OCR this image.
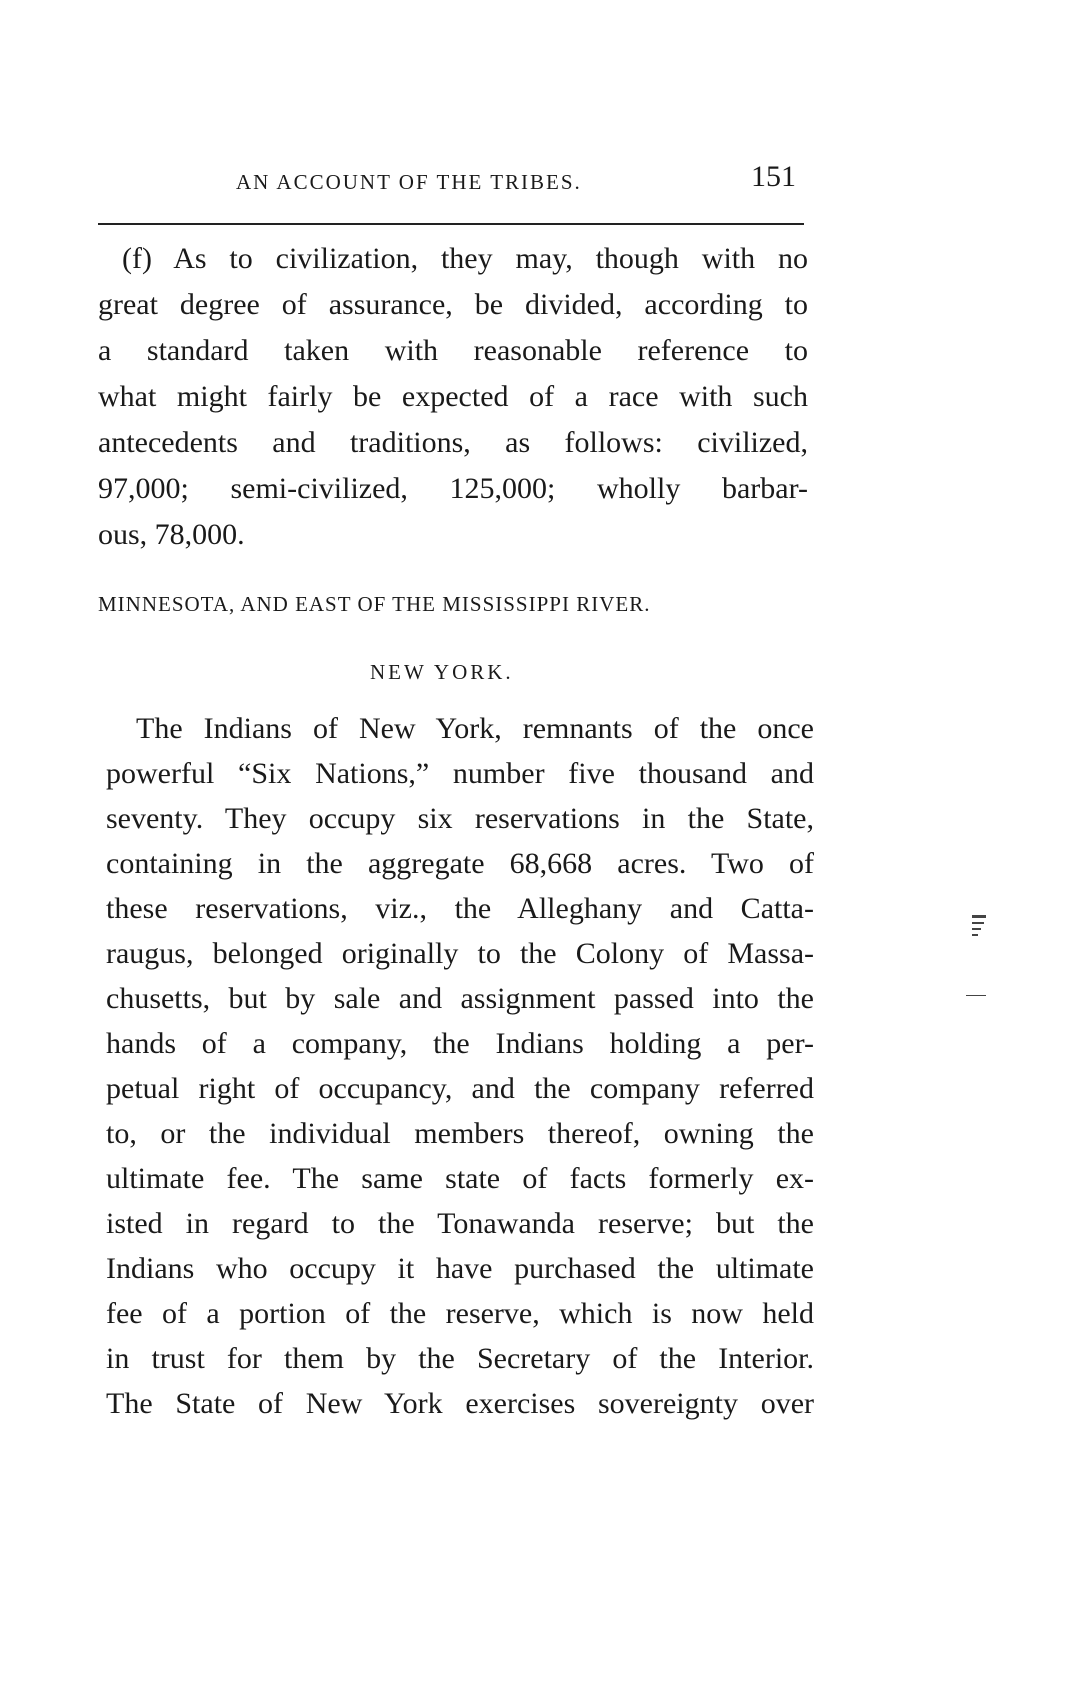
AN ACCOUNT OF THE TRIBES.	151
(f) As to civilization, they may, though with no
great degree of assurance, be divided, according to
a standard taken with reasonable reference to
what might fairly be expected of a race with such
antecedents and traditions, as follows: civilized,
97,000; semi-civilized, 125,000; wholly barbar-
ous, 78,000.
MINNESOTA, AND EAST OF THE MISSISSIPPI RIVER.
NEW YORK.
The Indians of New York, remnants of the once
powerful “Six Nations,” number five thousand and
seventy. They occupy six reservations in the State,
containing in the aggregate 68,668 acres. Two of
these reservations, viz., the Alleghany and Catta-
raugus, belonged originally to the Colony of Massa-
chusetts, but by sale and assignment passed into the
hands of a company, the Indians holding a per-
petual right of occupancy, and the company referred
to, or the individual members thereof, owning the
ultimate fee. The same state of facts formerly ex-
isted in regard to the Tonawanda reserve; but the
Indians who occupy it have purchased the ultimate
fee of a portion of the reserve, which is now held
in trust for them by the Secretary of the Interior.
The State of New York exercises sovereignty over
